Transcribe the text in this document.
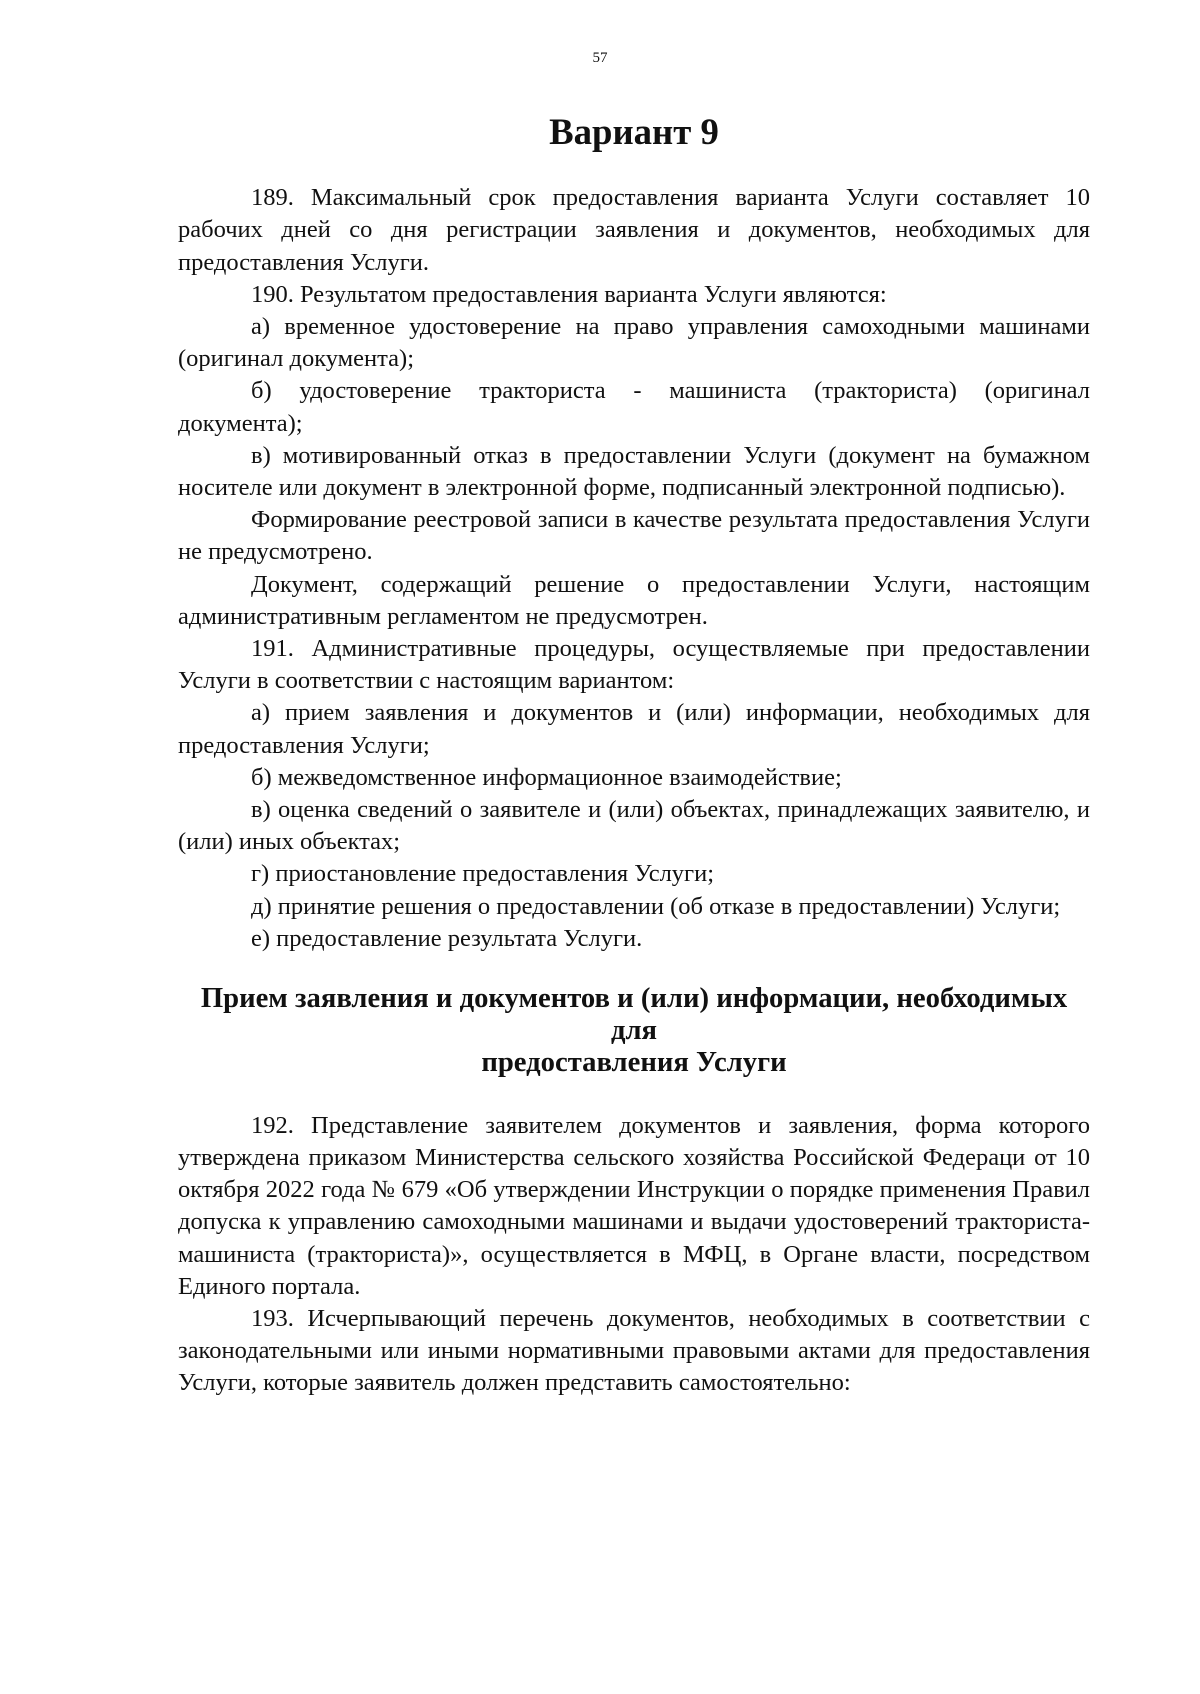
57
Вариант 9

189. Максимальный срок предоставления варианта Услуги составляет 10 рабочих дней со дня регистрации заявления и документов, необходимых для предоставления Услуги.

190. Результатом предоставления варианта Услуги являются:

а) временное удостоверение на право управления самоходными машинами (оригинал документа);

б) удостоверение тракториста - машиниста (тракториста) (оригинал документа);

в) мотивированный отказ в предоставлении Услуги (документ на бумажном носителе или документ в электронной форме, подписанный электронной подписью).

Формирование реестровой записи в качестве результата предоставления Услуги не предусмотрено.

Документ, содержащий решение о предоставлении Услуги, настоящим административным регламентом не предусмотрен.

191. Административные процедуры, осуществляемые при предоставлении Услуги в соответствии с настоящим вариантом:

а) прием заявления и документов и (или) информации, необходимых для предоставления Услуги;

б) межведомственное информационное взаимодействие;

в) оценка сведений о заявителе и (или) объектах, принадлежащих заявителю, и (или) иных объектах;

г) приостановление предоставления Услуги;

д) принятие решения о предоставлении (об отказе в предоставлении) Услуги;

е) предоставление результата Услуги.

Прием заявления и документов и (или) информации, необходимых для
предоставления Услуги

192. Представление заявителем документов и заявления, форма которого утверждена приказом Министерства сельского хозяйства Российской Федераци от 10 октября 2022 года № 679 «Об утверждении Инструкции о порядке применения Правил допуска к управлению самоходными машинами и выдачи удостоверений тракториста-машиниста (тракториста)», осуществляется в МФЦ, в Органе власти, посредством Единого портала.

193. Исчерпывающий перечень документов, необходимых в соответствии с законодательными или иными нормативными правовыми актами для предоставления Услуги, которые заявитель должен представить самостоятельно:
